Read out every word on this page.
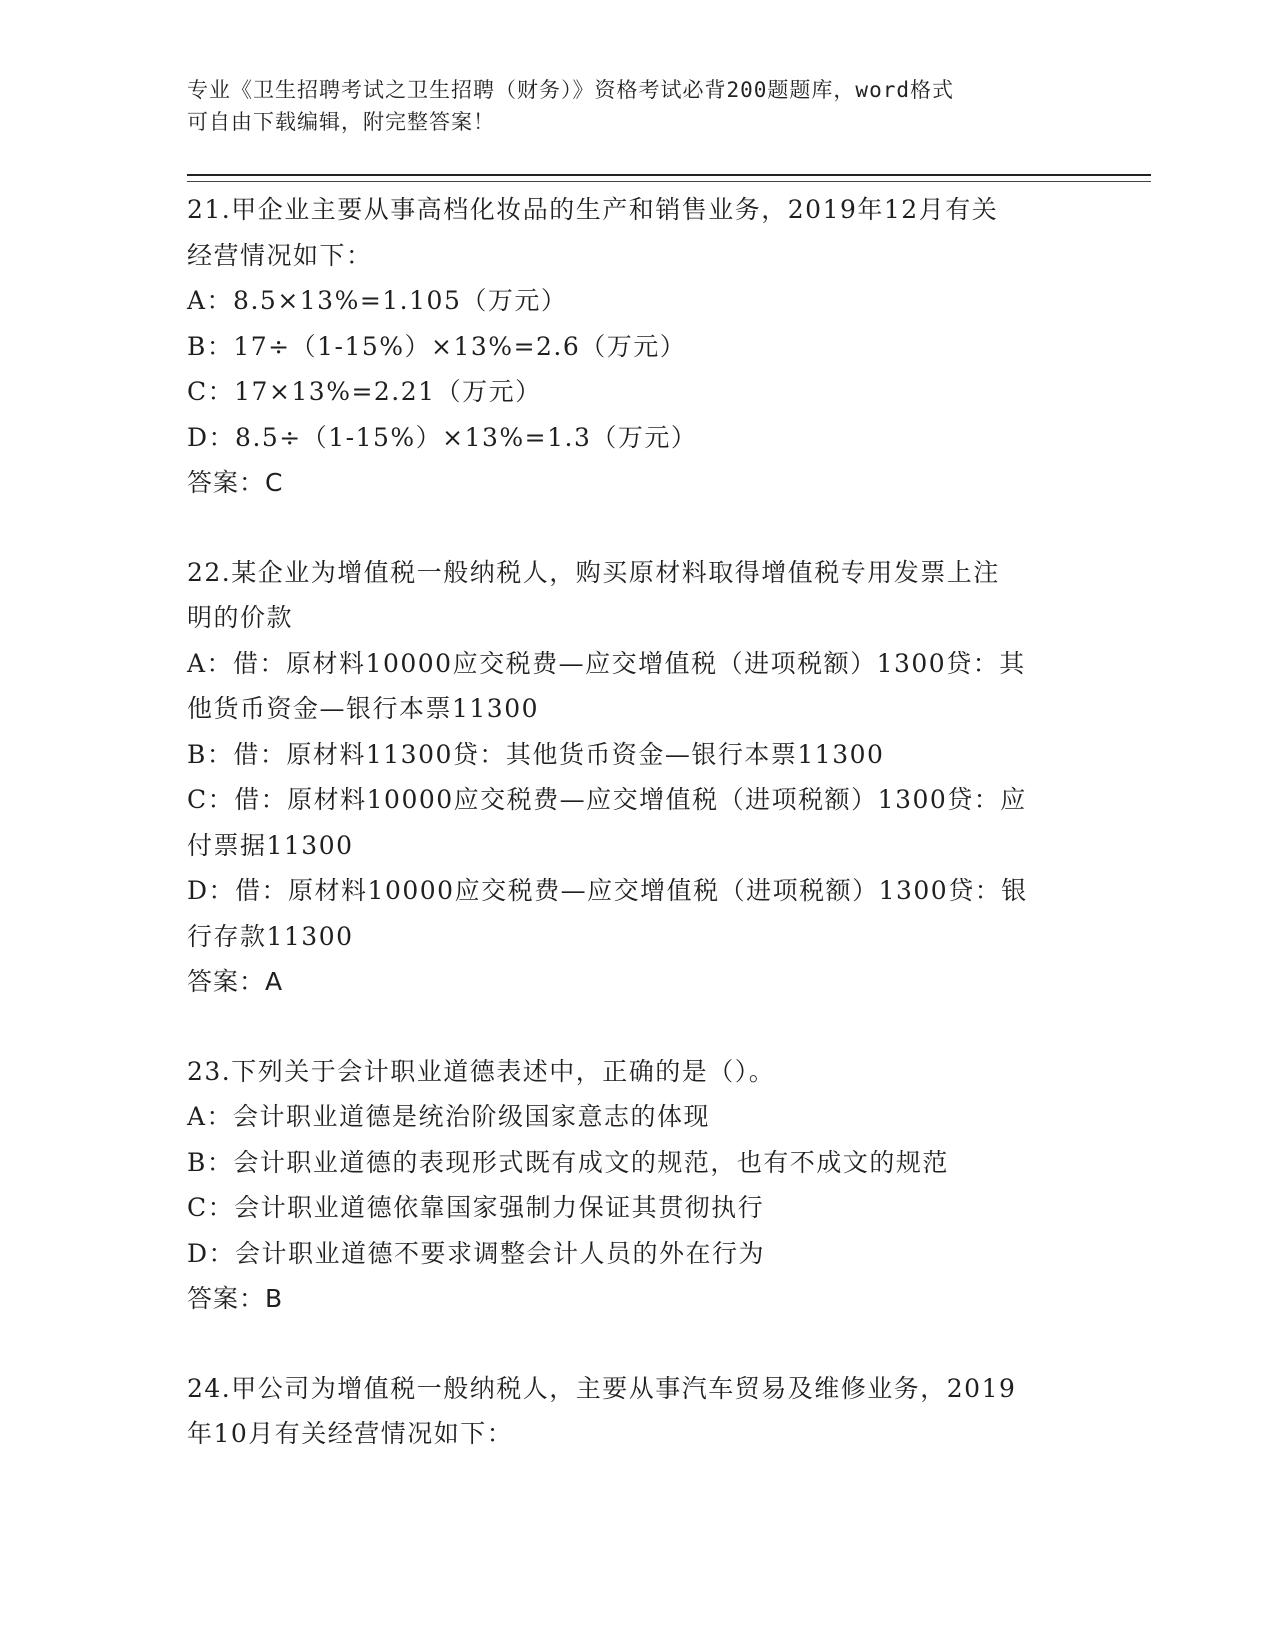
专业《卫生招聘考试之卫生招聘（财务）》资格考试必背200题题库，word格式
可自由下载编辑，附完整答案！
21.甲企业主要从事高档化妆品的生产和销售业务，2019年12月有关
经营情况如下：
A：8.5×13%=1.105（万元）
B：17÷（1-15%）×13%=2.6（万元）
C：17×13%=2.21（万元）
D：8.5÷（1-15%）×13%=1.3（万元）
答案：C
22.某企业为增值税一般纳税人，购买原材料取得增值税专用发票上注
明的价款
A：借：原材料10000应交税费—应交增值税（进项税额）1300贷：其
他货币资金—银行本票11300
B：借：原材料11300贷：其他货币资金—银行本票11300
C：借：原材料10000应交税费—应交增值税（进项税额）1300贷：应
付票据11300
D：借：原材料10000应交税费—应交增值税（进项税额）1300贷：银
行存款11300
答案：A
23.下列关于会计职业道德表述中，正确的是（）。
A：会计职业道德是统治阶级国家意志的体现
B：会计职业道德的表现形式既有成文的规范，也有不成文的规范
C：会计职业道德依靠国家强制力保证其贯彻执行
D：会计职业道德不要求调整会计人员的外在行为
答案：B
24.甲公司为增值税一般纳税人，主要从事汽车贸易及维修业务，2019
年10月有关经营情况如下：
